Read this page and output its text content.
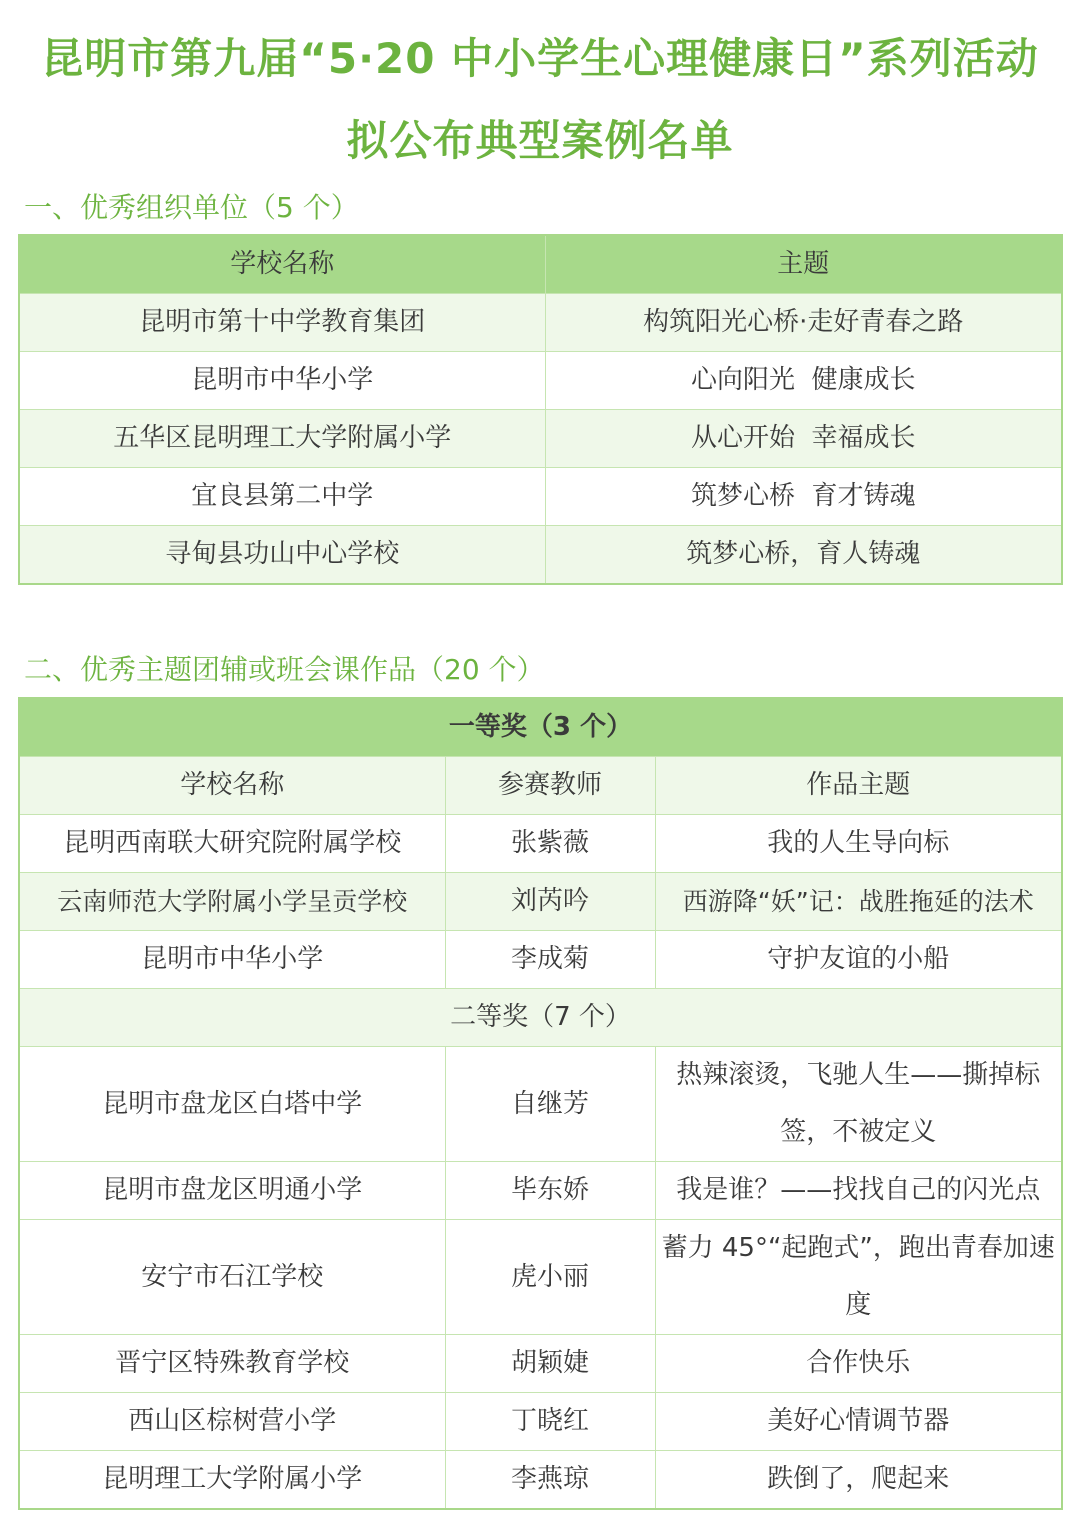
昆明市第九届“5·20 中小学生心理健康日”系列活动
拟公布典型案例名单
一、优秀组织单位（5 个）
学校名称	主题
昆明市第十中学教育集团	构筑阳光心桥·走好青春之路
昆明市中华小学	心向阳光  健康成长
五华区昆明理工大学附属小学	从心开始  幸福成长
宜良县第二中学	筑梦心桥  育才铸魂
寻甸县功山中心学校	筑梦心桥，育人铸魂
二、优秀主题团辅或班会课作品（20 个）
一等奖（3 个）		
学校名称	参赛教师	作品主题
昆明西南联大研究院附属学校	张紫薇	我的人生导向标
云南师范大学附属小学呈贡学校	刘芮吟	西游降“妖”记：战胜拖延的法术
昆明市中华小学	李成菊	守护友谊的小船
二等奖（7 个）		
昆明市盘龙区白塔中学	自继芳	热辣滚烫，飞驰人生——撕掉标签，不被定义
昆明市盘龙区明通小学	毕东娇	我是谁？——找找自己的闪光点
安宁市石江学校	虎小丽	蓄力 45°“起跑式”，跑出青春加速度
晋宁区特殊教育学校	胡颖婕	合作快乐
西山区棕树营小学	丁晓红	美好心情调节器
昆明理工大学附属小学	李燕琼	跌倒了，爬起来
